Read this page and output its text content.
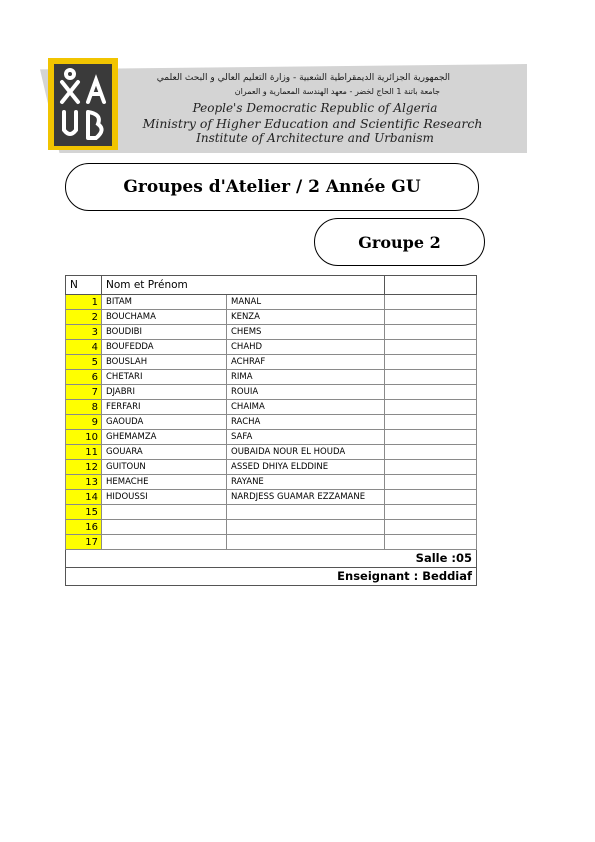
الجمهورية الجزائرية الديمقراطية الشعبية - وزارة التعليم العالي و البحث العلمي
جامعة باتنة 1 الحاج لخضر - معهد الهندسة المعمارية و العمران
People's Democratic Republic of Algeria
Ministry of Higher Education and Scientific Research
Institute of Architecture and Urbanism
Groupes d'Atelier / 2 Année GU
Groupe 2
N	Nom et Prénom		
1	BITAM	MANAL	
2	BOUCHAMA	KENZA	
3	BOUDIBI	CHEMS	
4	BOUFEDDA	CHAHD	
5	BOUSLAH	ACHRAF	
6	CHETARI	RIMA	
7	DJABRI	ROUIA	
8	FERFARI	CHAIMA	
9	GAOUDA	RACHA	
10	GHEMAMZA	SAFA	
11	GOUARA	OUBAIDA NOUR EL HOUDA	
12	GUITOUN	ASSED DHIYA ELDDINE	
13	HEMACHE	RAYANE	
14	HIDOUSSI	NARDJESS GUAMAR EZZAMANE	
15			
16			
17			
Salle :05			
Enseignant : Beddiaf			
